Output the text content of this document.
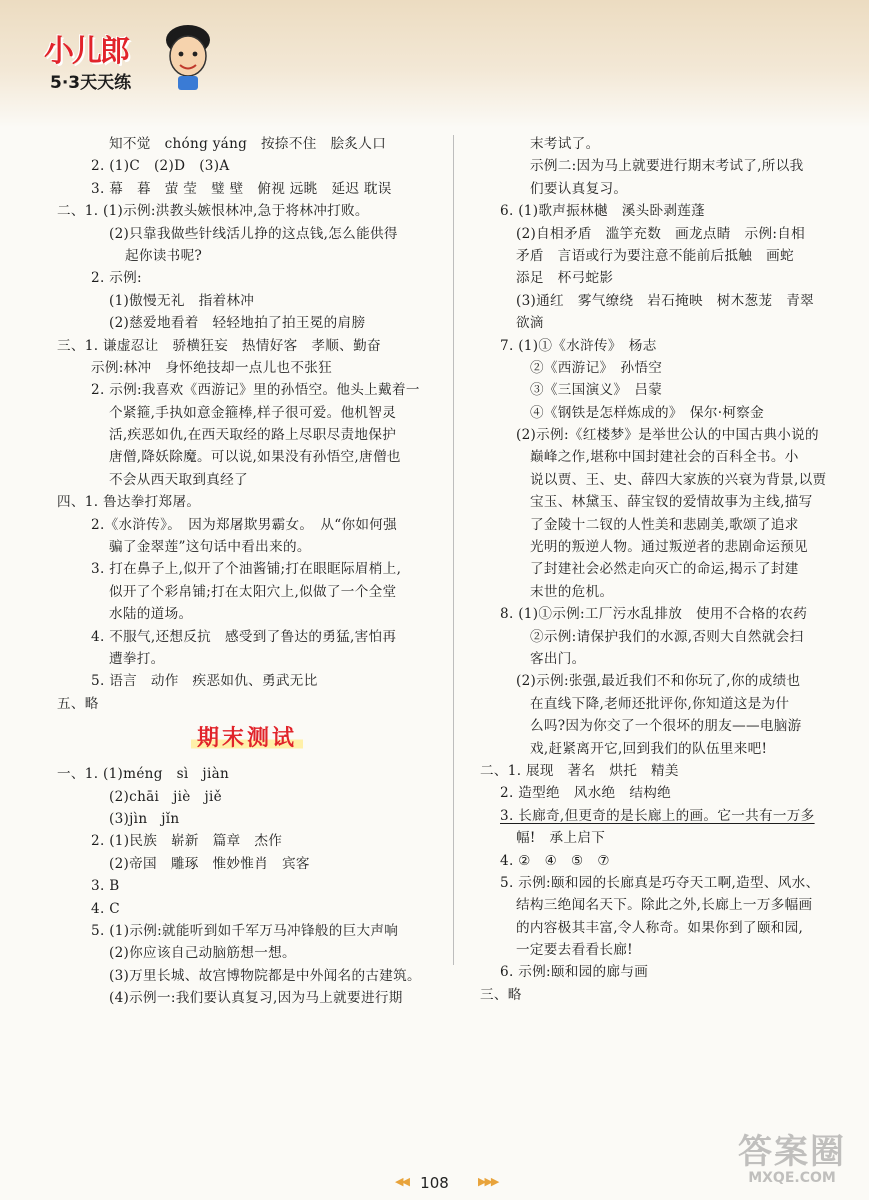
小儿郎
5·3天天练
知不觉　chóng yáng　按捺不住　脍炙人口
2. (1)C　(2)D　(3)A
3. 幕　暮　萤 莹　璧 壁　俯视 远眺　延迟 耽误
二、1. (1)示例:洪教头嫉恨林冲,急于将林冲打败。
(2)只靠我做些针线活儿挣的这点钱,怎么能供得
起你读书呢?
2. 示例:
(1)傲慢无礼　指着林冲
(2)慈爱地看着　轻轻地拍了拍王冕的肩膀
三、1. 谦虚忍让　骄横狂妄　热情好客　孝顺、勤奋
示例:林冲　身怀绝技却一点儿也不张狂
2. 示例:我喜欢《西游记》里的孙悟空。他头上戴着一
个紧箍,手执如意金箍棒,样子很可爱。他机智灵
活,疾恶如仇,在西天取经的路上尽职尽责地保护
唐僧,降妖除魔。可以说,如果没有孙悟空,唐僧也
不会从西天取到真经了
四、1. 鲁达拳打郑屠。
2.《水浒传》。　因为郑屠欺男霸女。　从“你如何强
骗了金翠莲”这句话中看出来的。
3. 打在鼻子上,似开了个油酱铺;打在眼眶际眉梢上,
似开了个彩帛铺;打在太阳穴上,似做了一个全堂
水陆的道场。
4. 不服气,还想反抗　感受到了鲁达的勇猛,害怕再
遭拳打。
5. 语言　动作　疾恶如仇、勇武无比
五、略
期末测试
一、1. (1)méng　sì　jiàn
(2)chāi　jiè　jiě
(3)jìn　jǐn
2. (1)民族　崭新　篇章　杰作
(2)帝国　雕琢　惟妙惟肖　宾客
3. B
4. C
5. (1)示例:就能听到如千军万马冲锋般的巨大声响
(2)你应该自己动脑筋想一想。
(3)万里长城、故宫博物院都是中外闻名的古建筑。
(4)示例一:我们要认真复习,因为马上就要进行期
末考试了。
示例二:因为马上就要进行期末考试了,所以我
们要认真复习。
6. (1)歌声振林樾　溪头卧剥莲蓬
(2)自相矛盾　滥竽充数　画龙点睛　示例:自相
矛盾　言语或行为要注意不能前后抵触　画蛇
添足　杯弓蛇影
(3)通红　雾气缭绕　岩石掩映　树木葱茏　青翠
欲滴
7. (1)①《水浒传》　杨志
②《西游记》　孙悟空
③《三国演义》　吕蒙
④《钢铁是怎样炼成的》　保尔·柯察金
(2)示例:《红楼梦》是举世公认的中国古典小说的
巅峰之作,堪称中国封建社会的百科全书。小
说以贾、王、史、薛四大家族的兴衰为背景,以贾
宝玉、林黛玉、薛宝钗的爱情故事为主线,描写
了金陵十二钗的人性美和悲剧美,歌颂了追求
光明的叛逆人物。通过叛逆者的悲剧命运预见
了封建社会必然走向灭亡的命运,揭示了封建
末世的危机。
8. (1)①示例:工厂污水乱排放　使用不合格的农药
②示例:请保护我们的水源,否则大自然就会扫
客出门。
(2)示例:张强,最近我们不和你玩了,你的成绩也
在直线下降,老师还批评你,你知道这是为什
么吗?因为你交了一个很坏的朋友——电脑游
戏,赶紧离开它,回到我们的队伍里来吧!
二、1. 展现　著名　烘托　精美
2. 造型绝　风水绝　结构绝
3. 长廊奇,但更奇的是长廊上的画。它一共有一万多
幅!　承上启下
4. ②　④　⑤　⑦
5. 示例:颐和园的长廊真是巧夺天工啊,造型、风水、
结构三绝闻名天下。除此之外,长廊上一万多幅画
的内容极其丰富,令人称奇。如果你到了颐和园,
一定要去看看长廊!
6. 示例:颐和园的廊与画
三、略
◀◀ 108	▶▶▶
答案圈
MXQE.COM
